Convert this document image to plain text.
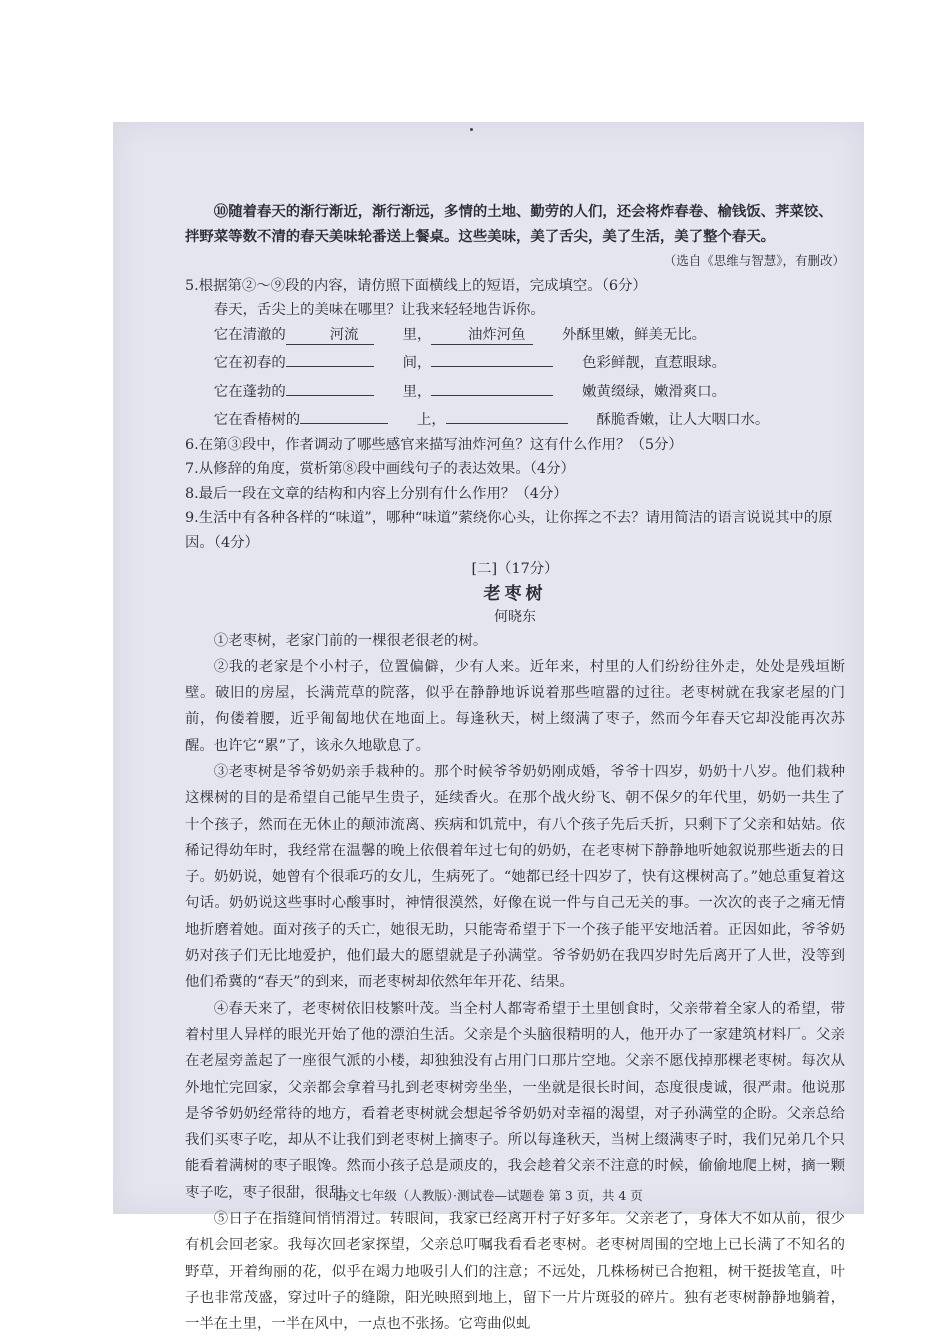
⑩随着春天的渐行渐近，渐行渐远，多情的土地、勤劳的人们，还会将炸春卷、榆钱饭、荠菜饺、拌野菜等数不清的春天美味轮番送上餐桌。这些美味，美了舌尖，美了生活，美了整个春天。

（选自《思维与智慧》，有删改）

5.根据第②～⑨段的内容，请仿照下面横线上的短语，完成填空。（6分）

春天，舌尖上的美味在哪里？让我来轻轻地告诉你。

它在清澈的	河流	里，	油炸河鱼	外酥里嫩，鲜美无比。
它在初春的	间，	色彩鲜靓，直惹眼球。
它在蓬勃的	里，	嫩黄缀绿，嫩滑爽口。
它在香椿树的	上，	酥脆香嫩，让人大咽口水。

6.在第③段中，作者调动了哪些感官来描写油炸河鱼？这有什么作用？（5分）

7.从修辞的角度，赏析第⑧段中画线句子的表达效果。（4分）

8.最后一段在文章的结构和内容上分别有什么作用？（4分）

9.生活中有各种各样的“味道”，哪种“味道”萦绕你心头，让你挥之不去？请用简洁的语言说说其中的原因。（4分）

[二]（17分）

老枣树

何晓东

①老枣树，老家门前的一棵很老很老的树。

②我的老家是个小村子，位置偏僻，少有人来。近年来，村里的人们纷纷往外走，处处是残垣断壁。破旧的房屋，长满荒草的院落，似乎在静静地诉说着那些喧嚣的过往。老枣树就在我家老屋的门前，佝偻着腰，近乎匍匐地伏在地面上。每逢秋天，树上缀满了枣子，然而今年春天它却没能再次苏醒。也许它“累”了，该永久地歇息了。

③老枣树是爷爷奶奶亲手栽种的。那个时候爷爷奶奶刚成婚，爷爷十四岁，奶奶十八岁。他们栽种这棵树的目的是希望自己能早生贵子，延续香火。在那个战火纷飞、朝不保夕的年代里，奶奶一共生了十个孩子，然而在无休止的颠沛流离、疾病和饥荒中，有八个孩子先后夭折，只剩下了父亲和姑姑。依稀记得幼年时，我经常在温馨的晚上依偎着年过七旬的奶奶，在老枣树下静静地听她叙说那些逝去的日子。奶奶说，她曾有个很乖巧的女儿，生病死了。“她都已经十四岁了，快有这棵树高了。”她总重复着这句话。奶奶说这些事时心酸事时，神情很漠然，好像在说一件与自己无关的事。一次次的丧子之痛无情地折磨着她。面对孩子的夭亡，她很无助，只能寄希望于下一个孩子能平安地活着。正因如此，爷爷奶奶对孩子们无比地爱护，他们最大的愿望就是子孙满堂。爷爷奶奶在我四岁时先后离开了人世，没等到他们希冀的“春天”的到来，而老枣树却依然年年开花、结果。

④春天来了，老枣树依旧枝繁叶茂。当全村人都寄希望于土里刨食时，父亲带着全家人的希望，带着村里人异样的眼光开始了他的漂泊生活。父亲是个头脑很精明的人，他开办了一家建筑材料厂。父亲在老屋旁盖起了一座很气派的小楼，却独独没有占用门口那片空地。父亲不愿伐掉那棵老枣树。每次从外地忙完回家，父亲都会拿着马扎到老枣树旁坐坐，一坐就是很长时间，态度很虔诚，很严肃。他说那是爷爷奶奶经常待的地方，看着老枣树就会想起爷爷奶奶对幸福的渴望，对子孙满堂的企盼。父亲总给我们买枣子吃，却从不让我们到老枣树上摘枣子。所以每逢秋天，当树上缀满枣子时，我们兄弟几个只能看着满树的枣子眼馋。然而小孩子总是顽皮的，我会趁着父亲不注意的时候，偷偷地爬上树，摘一颗枣子吃，枣子很甜，很甜。

⑤日子在指缝间悄悄滑过。转眼间，我家已经离开村子好多年。父亲老了，身体大不如从前，很少有机会回老家。我每次回老家探望，父亲总叮嘱我看看老枣树。老枣树周围的空地上已长满了不知名的野草，开着绚丽的花，似乎在竭力地吸引人们的注意；不远处，几株杨树已合抱粗，树干挺拔笔直，叶子也非常茂盛，穿过叶子的缝隙，阳光映照到地上，留下一片片斑驳的碎片。独有老枣树静静地躺着，一半在土里，一半在风中，一点也不张扬。它弯曲似虬

语文七年级（人教版）·测试卷—试题卷 第 3 页，共 4 页
